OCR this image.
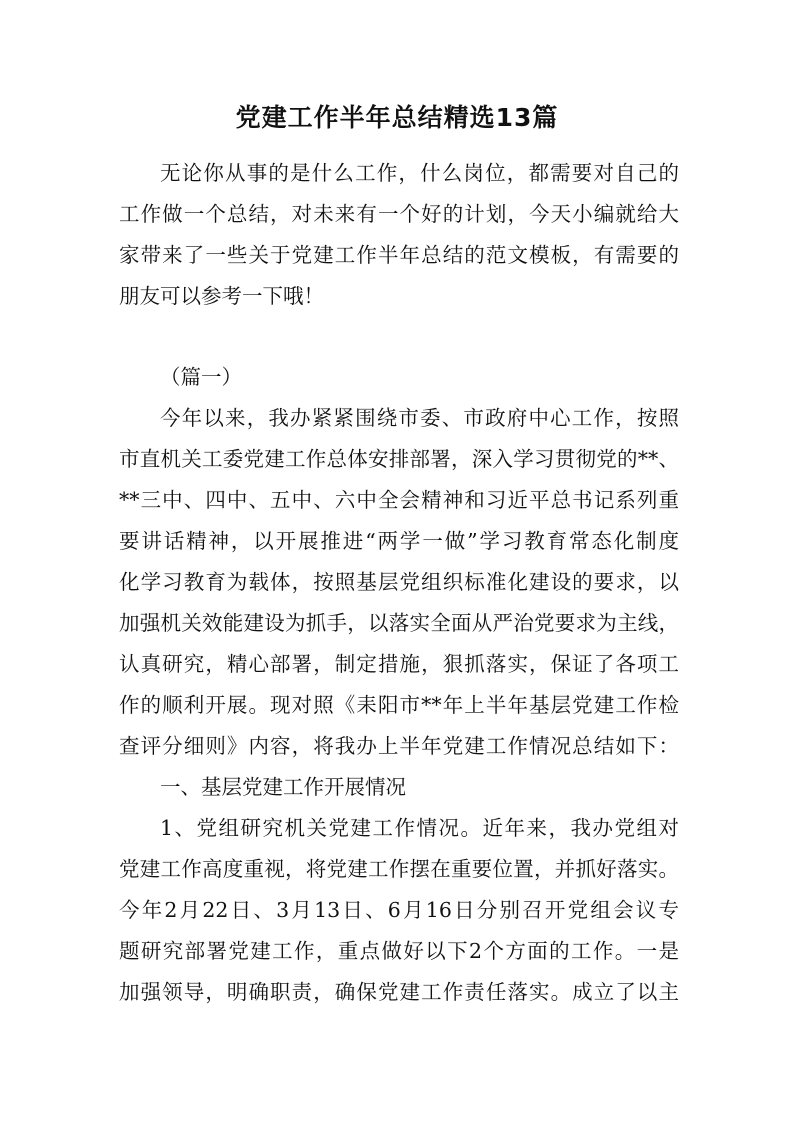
党建工作半年总结精选13篇
无论你从事的是什么工作，什么岗位，都需要对自己的
工作做一个总结，对未来有一个好的计划，今天小编就给大
家带来了一些关于党建工作半年总结的范文模板，有需要的
朋友可以参考一下哦！
（篇一）
今年以来，我办紧紧围绕市委、市政府中心工作，按照
市直机关工委党建工作总体安排部署，深入学习贯彻党的**、
**三中、四中、五中、六中全会精神和习近平总书记系列重
要讲话精神，以开展推进“两学一做”学习教育常态化制度
化学习教育为载体，按照基层党组织标准化建设的要求，以
加强机关效能建设为抓手，以落实全面从严治党要求为主线，
认真研究，精心部署，制定措施，狠抓落实，保证了各项工
作的顺利开展。现对照《耒阳市**年上半年基层党建工作检
查评分细则》内容，将我办上半年党建工作情况总结如下：
一、基层党建工作开展情况
1、党组研究机关党建工作情况。近年来，我办党组对
党建工作高度重视，将党建工作摆在重要位置，并抓好落实。
今年2月22日、3月13日、6月16日分别召开党组会议专
题研究部署党建工作，重点做好以下2个方面的工作。一是
加强领导，明确职责，确保党建工作责任落实。成立了以主
